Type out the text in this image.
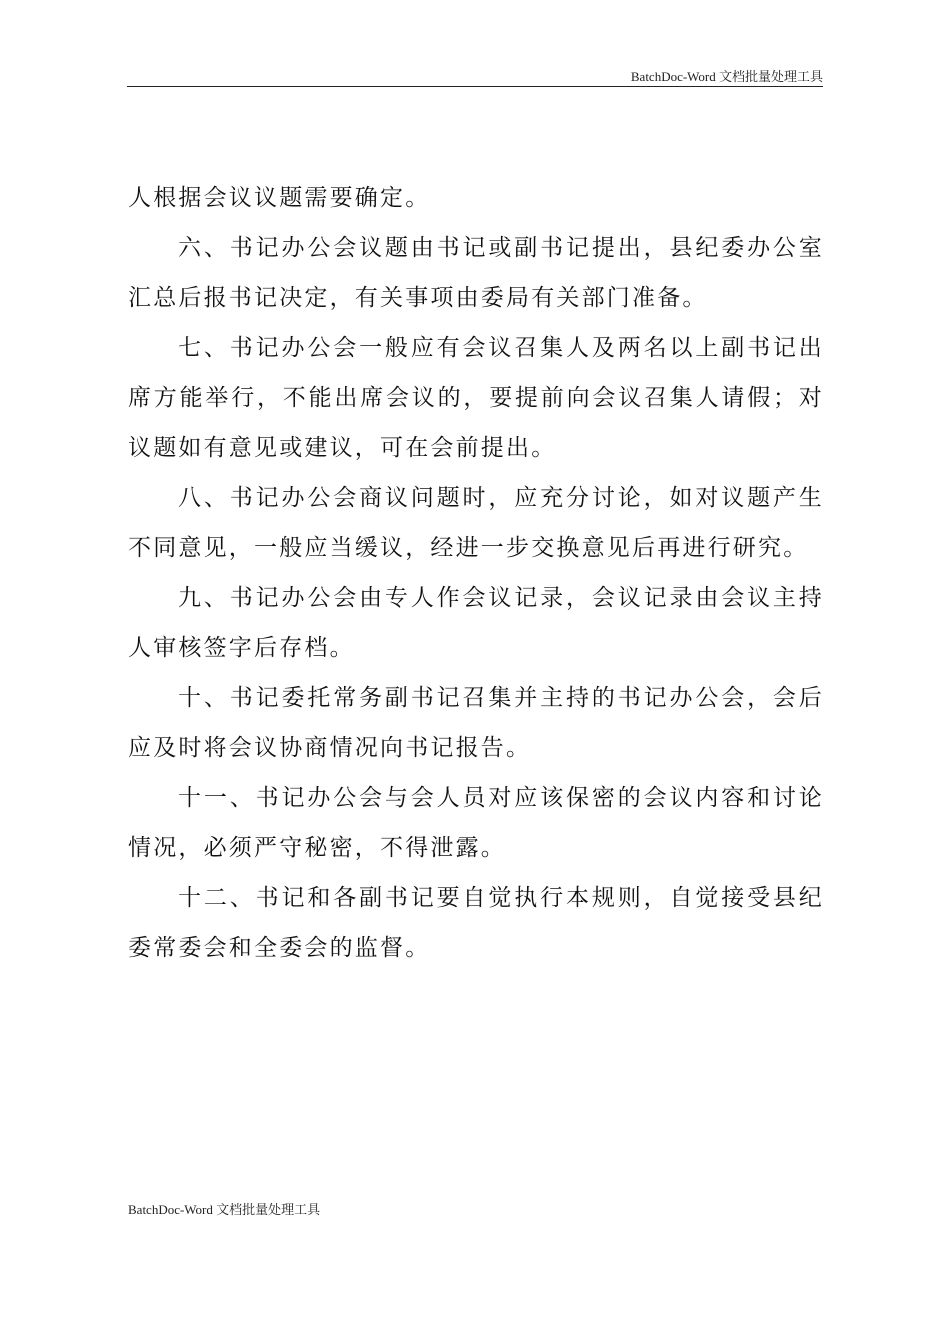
BatchDoc-Word 文档批量处理工具

人根据会议议题需要确定。

六、书记办公会议题由书记或副书记提出，县纪委办公室汇总后报书记决定，有关事项由委局有关部门准备。

七、书记办公会一般应有会议召集人及两名以上副书记出席方能举行，不能出席会议的，要提前向会议召集人请假；对议题如有意见或建议，可在会前提出。

八、书记办公会商议问题时，应充分讨论，如对议题产生不同意见，一般应当缓议，经进一步交换意见后再进行研究。

九、书记办公会由专人作会议记录，会议记录由会议主持人审核签字后存档。

十、书记委托常务副书记召集并主持的书记办公会，会后应及时将会议协商情况向书记报告。

十一、书记办公会与会人员对应该保密的会议内容和讨论情况，必须严守秘密，不得泄露。

十二、书记和各副书记要自觉执行本规则，自觉接受县纪委常委会和全委会的监督。

BatchDoc-Word 文档批量处理工具
